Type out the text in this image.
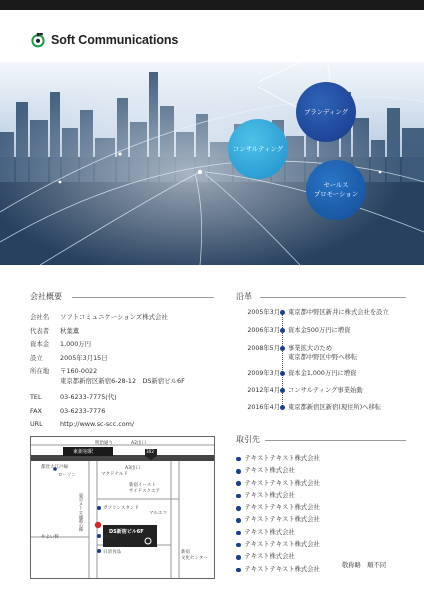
Soft Communications
ブランディング
コンサルティング
セールス
プロモーション
会社概要
会社名	ソフトコミュニケーションズ株式会社
代表者	秋葉薫
資本金	1,000万円
設立	2005年3月15日
所在地	〒160-0022
東京都新宿区新宿6-28-12　DS新宿ビル6F
TEL	03-6233-7775(代)
FAX	03-6233-7776
URL	http://www.sc-scc.com/
明治通り	A2出口
東新宿駅	302
A3出口
都営大江戸線
マクドナルド
ローソン
新宿イースト
サイドスクエア
東京メトロ副都心線	ガソリンスタンド
マルエツ
DS新宿ビル6F
郵便局
やよい軒
日清食品	新宿
文化センター
沿革
2005年3月 東京都中野区新井に株式会社を設立
2006年3月 資本金500万円に増資
2008年5月 事業拡大のため
東京都中野区中野へ移転
2009年3月 資本金1,000万円に増資
2012年4月 コンサルティング事業始動
2016年4月 東京都新宿区新宿(現住所)へ移転
取引先
テキストテキスト株式会社
テキスト株式会社
テキストテキスト株式会社
テキスト株式会社
テキストテキスト株式会社
テキストテキスト株式会社
テキスト株式会社
テキストテキスト株式会社
テキスト株式会社
テキストテキスト株式会社
敬称略　順不同
